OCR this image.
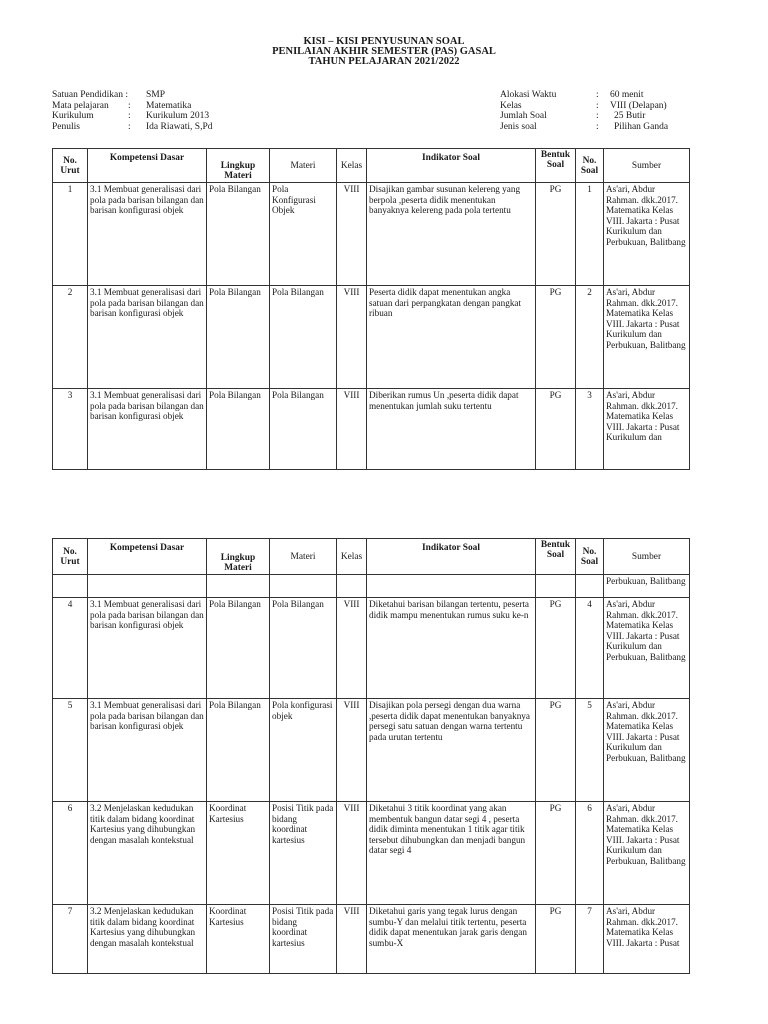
KISI – KISI PENYUSUNAN SOAL
PENILAIAN AKHIR SEMESTER (PAS) GASAL
TAHUN PELAJARAN 2021/2022
Satuan Pendidikan :	SMP
Mata pelajaran	:	Matematika
Kurikulum	:	Kurikulum 2013
Penulis	:	Ida Riawati, S,Pd
Alokasi Waktu	:	60 menit
Kelas	:	VIII (Delapan)
Jumlah Soal	:	25 Butir
Jenis soal	:	Pilihan Ganda
No. Urut	Kompetensi Dasar	Lingkup Materi	Materi	Kelas	Indikator Soal	Bentuk Soal	No. Soal	Sumber
1	3.1 Membuat generalisasi dari pola pada barisan bilangan dan barisan konfigurasi objek	Pola Bilangan	Pola Konfigurasi Objek	VIII	Disajikan gambar susunan kelereng yang berpola ,peserta didik menentukan banyaknya kelereng pada pola tertentu	PG	1	As'ari, Abdur Rahman. dkk.2017. Matematika Kelas VIII. Jakarta : Pusat Kurikulum dan Perbukuan, Balitbang
2	3.1 Membuat generalisasi dari pola pada barisan bilangan dan barisan konfigurasi objek	Pola Bilangan	Pola Bilangan	VIII	Peserta didik dapat menentukan angka satuan dari perpangkatan dengan pangkat ribuan	PG	2	As'ari, Abdur Rahman. dkk.2017. Matematika Kelas VIII. Jakarta : Pusat Kurikulum dan Perbukuan, Balitbang
3	3.1 Membuat generalisasi dari pola pada barisan bilangan dan barisan konfigurasi objek	Pola Bilangan	Pola Bilangan	VIII	Diberikan rumus Un ,peserta didik dapat menentukan jumlah suku tertentu	PG	3	As'ari, Abdur Rahman. dkk.2017. Matematika Kelas VIII. Jakarta : Pusat Kurikulum dan
No. Urut	Kompetensi Dasar	Lingkup Materi	Materi	Kelas	Indikator Soal	Bentuk Soal	No. Soal	Sumber
								Perbukuan, Balitbang
4	3.1 Membuat generalisasi dari pola pada barisan bilangan dan barisan konfigurasi objek	Pola Bilangan	Pola Bilangan	VIII	Diketahui barisan bilangan tertentu, peserta didik mampu menentukan rumus suku ke-n	PG	4	As'ari, Abdur Rahman. dkk.2017. Matematika Kelas VIII. Jakarta : Pusat Kurikulum dan Perbukuan, Balitbang
5	3.1 Membuat generalisasi dari pola pada barisan bilangan dan barisan konfigurasi objek	Pola Bilangan	Pola konfigurasi objek	VIII	Disajikan pola persegi dengan dua warna ,peserta didik dapat menentukan banyaknya persegi satu satuan dengan warna tertentu pada urutan tertentu	PG	5	As'ari, Abdur Rahman. dkk.2017. Matematika Kelas VIII. Jakarta : Pusat Kurikulum dan Perbukuan, Balitbang
6	3.2 Menjelaskan kedudukan titik dalam bidang koordinat Kartesius yang dihubungkan dengan masalah kontekstual	Koordinat Kartesius	Posisi Titik pada bidang koordinat kartesius	VIII	Diketahui 3 titik koordinat yang akan membentuk bangun datar segi 4 , peserta didik diminta menentukan 1 titik agar titik tersebut dihubungkan dan menjadi bangun datar segi 4	PG	6	As'ari, Abdur Rahman. dkk.2017. Matematika Kelas VIII. Jakarta : Pusat Kurikulum dan Perbukuan, Balitbang
7	3.2 Menjelaskan kedudukan titik dalam bidang koordinat Kartesius yang dihubungkan dengan masalah kontekstual	Koordinat Kartesius	Posisi Titik pada bidang koordinat kartesius	VIII	Diketahui garis yang tegak lurus dengan sumbu-Y dan melalui titik tertentu, peserta didik dapat menentukan jarak garis dengan sumbu-X	PG	7	As'ari, Abdur Rahman. dkk.2017. Matematika Kelas VIII. Jakarta : Pusat
